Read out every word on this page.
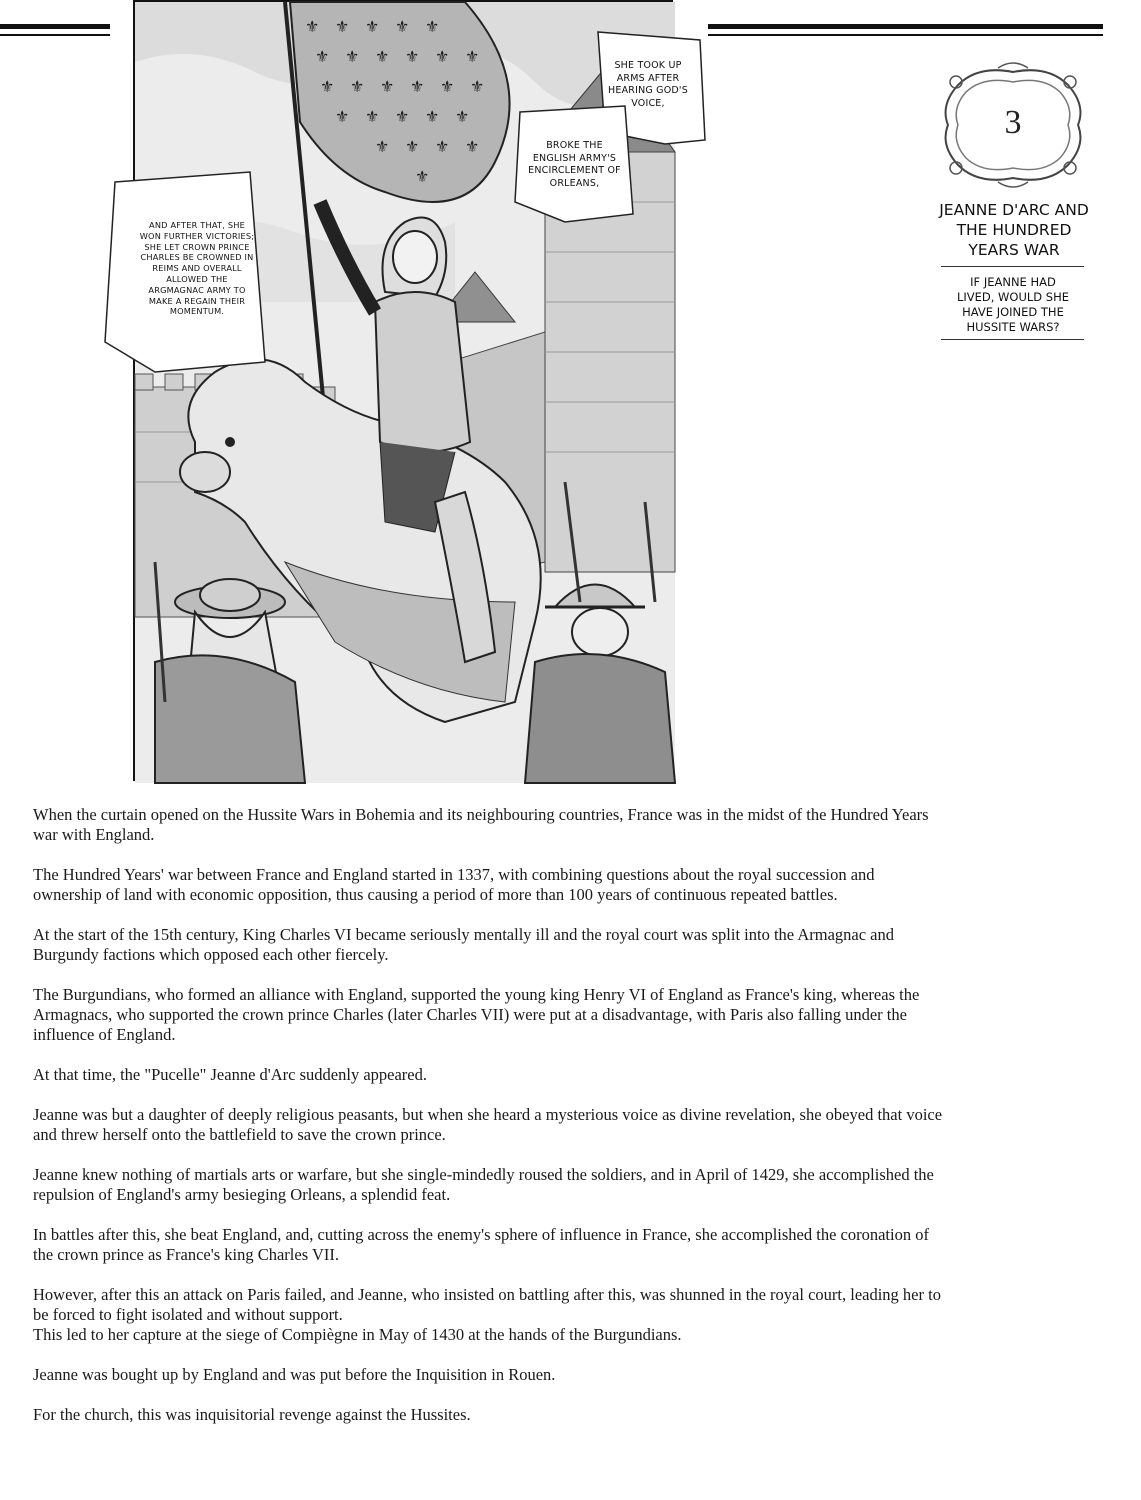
⚜ ⚜ ⚜ ⚜ ⚜
⚜ ⚜ ⚜ ⚜ ⚜ ⚜
⚜ ⚜ ⚜ ⚜ ⚜ ⚜
⚜ ⚜ ⚜ ⚜ ⚜
⚜ ⚜ ⚜ ⚜
⚜
SHE TOOK UP
ARMS AFTER
HEARING GOD'S
VOICE,
BROKE THE
ENGLISH ARMY'S
ENCIRCLEMENT OF
ORLEANS,
AND AFTER THAT, SHE
WON FURTHER VICTORIES;
SHE LET CROWN PRINCE
CHARLES BE CROWNED IN
REIMS AND OVERALL
ALLOWED THE
ARGMAGNAC ARMY TO
MAKE A REGAIN THEIR
MOMENTUM.
3
JEANNE D'ARC AND
THE HUNDRED
YEARS WAR
IF JEANNE HAD
LIVED, WOULD SHE
HAVE JOINED THE
HUSSITE WARS?

When the curtain opened on the Hussite Wars in Bohemia and its neighbouring countries, France was in the midst of the Hundred Years
war with England.

The Hundred Years' war between France and England started in 1337, with combining questions about the royal succession and
ownership of land with economic opposition, thus causing a period of more than 100 years of continuous repeated battles.

At the start of the 15th century, King Charles VI became seriously mentally ill and the royal court was split into the Armagnac and
Burgundy factions which opposed each other fiercely.

The Burgundians, who formed an alliance with England, supported the young king Henry VI of England as France's king, whereas the
Armagnacs, who supported the crown prince Charles (later Charles VII) were put at a disadvantage, with Paris also falling under the
influence of England.

At that time, the "Pucelle" Jeanne d'Arc suddenly appeared.

Jeanne was but a daughter of deeply religious peasants, but when she heard a mysterious voice as divine revelation, she obeyed that voice
and threw herself onto the battlefield to save the crown prince.

Jeanne knew nothing of martials arts or warfare, but she single-mindedly roused the soldiers, and in April of 1429, she accomplished the
repulsion of England's army besieging Orleans, a splendid feat.

In battles after this, she beat England, and, cutting across the enemy's sphere of influence in France, she accomplished the coronation of
the crown prince as France's king Charles VII.

However, after this an attack on Paris failed, and Jeanne, who insisted on battling after this, was shunned in the royal court, leading her to
be forced to fight isolated and without support.
This led to her capture at the siege of Compiègne in May of 1430 at the hands of the Burgundians.

Jeanne was bought up by England and was put before the Inquisition in Rouen.

For the church, this was inquisitorial revenge against the Hussites.
